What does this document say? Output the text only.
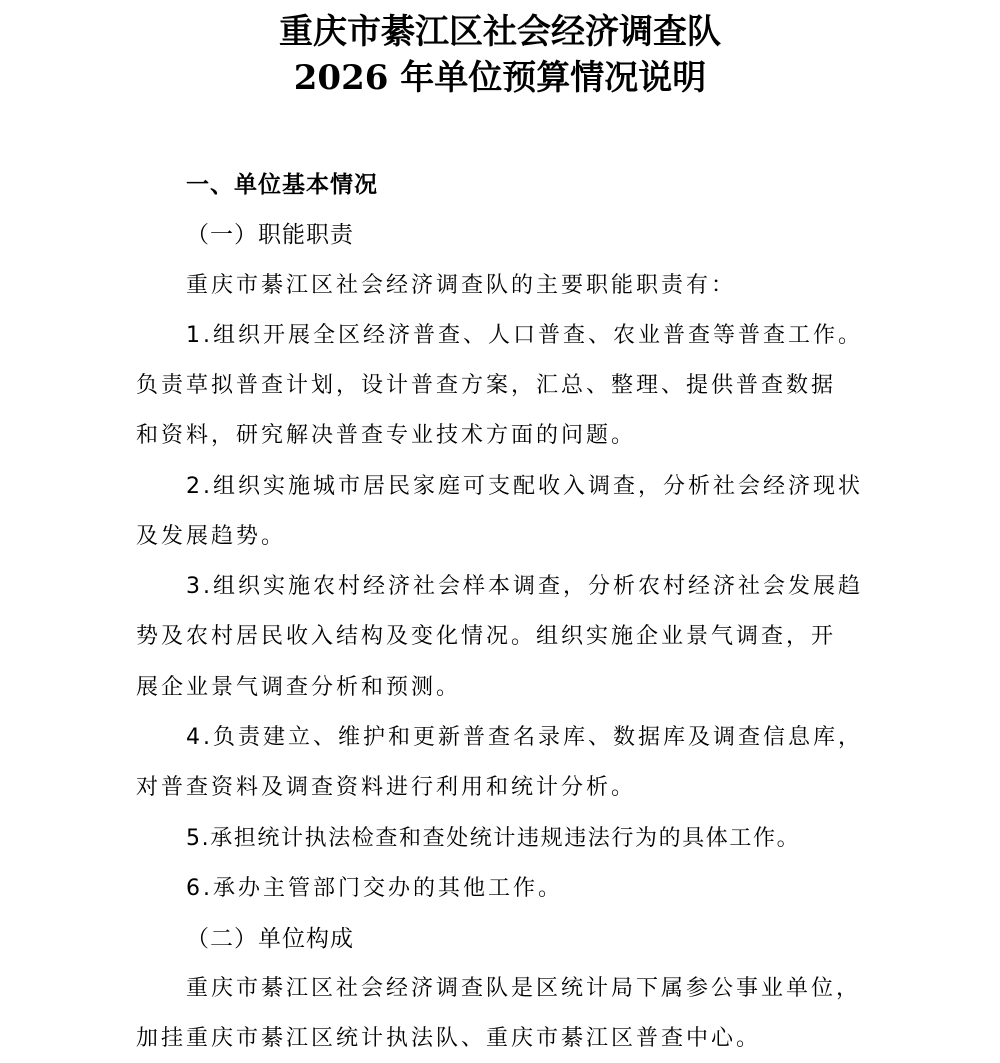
重庆市綦江区社会经济调查队
2026 年单位预算情况说明
一、单位基本情况
（一）职能职责
重庆市綦江区社会经济调查队的主要职能职责有：
1.组织开展全区经济普查、人口普查、农业普查等普查工作。
负责草拟普查计划，设计普查方案，汇总、整理、提供普查数据
和资料，研究解决普查专业技术方面的问题。
2.组织实施城市居民家庭可支配收入调查，分析社会经济现状
及发展趋势。
3.组织实施农村经济社会样本调查，分析农村经济社会发展趋
势及农村居民收入结构及变化情况。组织实施企业景气调查，开
展企业景气调查分析和预测。
4.负责建立、维护和更新普查名录库、数据库及调查信息库，
对普查资料及调查资料进行利用和统计分析。
5.承担统计执法检查和查处统计违规违法行为的具体工作。
6.承办主管部门交办的其他工作。
（二）单位构成
重庆市綦江区社会经济调查队是区统计局下属参公事业单位，
加挂重庆市綦江区统计执法队、重庆市綦江区普查中心。
